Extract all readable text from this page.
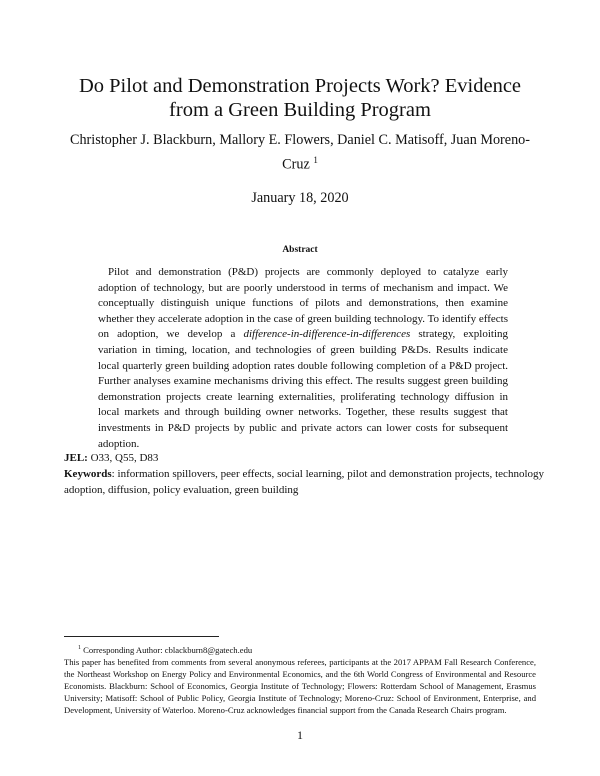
Do Pilot and Demonstration Projects Work? Evidence from a Green Building Program
Christopher J. Blackburn, Mallory E. Flowers, Daniel C. Matisoff, Juan Moreno-Cruz $^1$
January 18, 2020
Abstract

Pilot and demonstration (P&D) projects are commonly deployed to catalyze early adoption of technology, but are poorly understood in terms of mechanism and impact. We conceptually distinguish unique functions of pilots and demonstrations, then examine whether they accelerate adoption in the case of green building technology. To identify effects on adoption, we develop a difference-in-difference-in-differences strategy, exploiting variation in timing, location, and technologies of green building P&Ds. Results indicate local quarterly green building adoption rates double following completion of a P&D project. Further analyses examine mechanisms driving this effect. The results suggest green building demonstration projects create learning externalities, proliferating technology diffusion in local markets and through building owner networks. Together, these results suggest that investments in P&D projects by public and private actors can lower costs for subsequent adoption.

JEL: O33, Q55, D83
Keywords: information spillovers, peer effects, social learning, pilot and demonstration projects, technology adoption, diffusion, policy evaluation, green building
$^1$ Corresponding Author: cblackburn8@gatech.edu

This paper has benefited from comments from several anonymous referees, participants at the 2017 APPAM Fall Research Conference, the Northeast Workshop on Energy Policy and Environmental Economics, and the 6th World Congress of Environmental and Resource Economists. Blackburn: School of Economics, Georgia Institute of Technology; Flowers: Rotterdam School of Management, Erasmus University; Matisoff: School of Public Policy, Georgia Institute of Technology; Moreno-Cruz: School of Environment, Enterprise, and Development, University of Waterloo. Moreno-Cruz acknowledges financial support from the Canada Research Chairs program.

1
